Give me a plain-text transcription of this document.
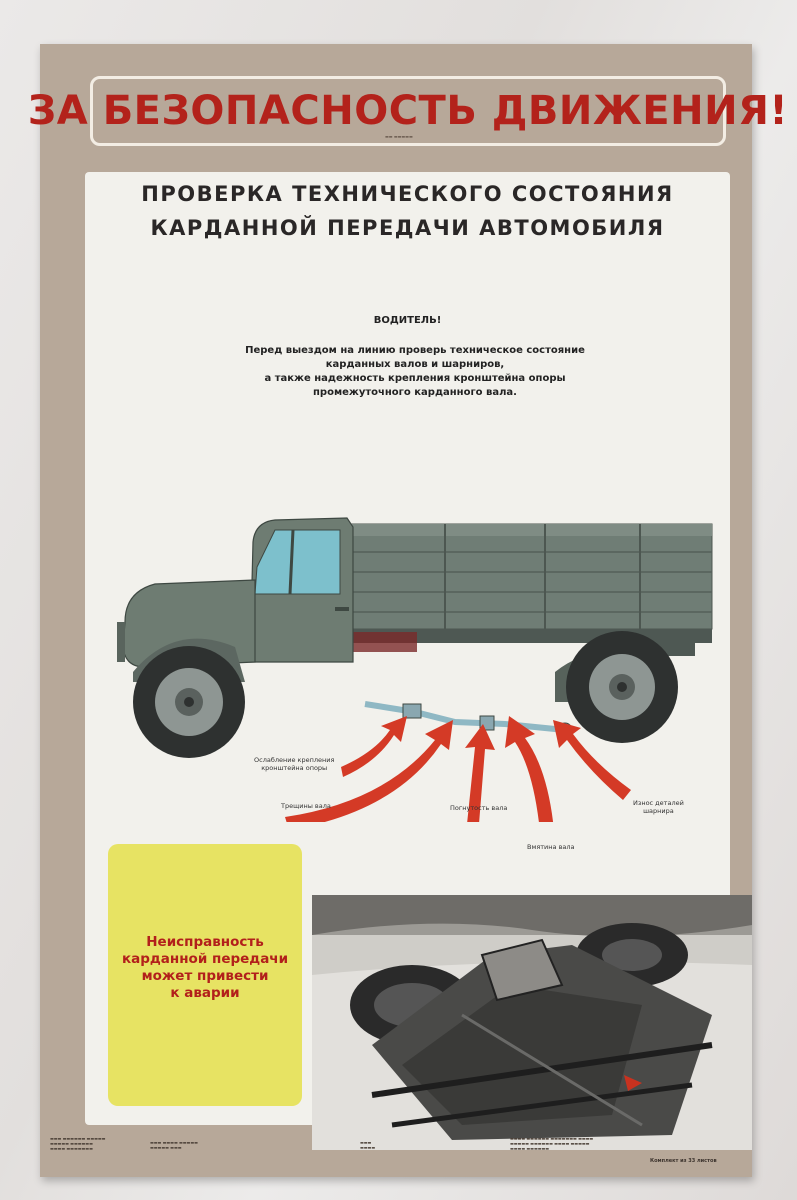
ЗА БЕЗОПАСНОСТЬ ДВИЖЕНИЯ!
▬▬ ▬▬▬▬▬
ПРОВЕРКА ТЕХНИЧЕСКОГО СОСТОЯНИЯ
КАРДАННОЙ ПЕРЕДАЧИ АВТОМОБИЛЯ
ВОДИТЕЛЬ!
Перед выездом на линию проверь техническое состояние
карданных валов и шарниров,
а также надежность крепления кронштейна опоры
промежуточного карданного вала.
Ослабление крепления
кронштейна опоры
Трещины вала	Погнутость вала
Вмятина вала
Износ деталей
шарнира
Неисправность
карданной передачи
может привести
к аварии
▬▬▬ ▬▬▬▬▬▬ ▬▬▬▬▬
▬▬▬▬▬ ▬▬▬▬▬▬
▬▬▬▬ ▬▬▬▬▬▬▬
▬▬▬ ▬▬▬▬ ▬▬▬▬▬
▬▬▬▬▬ ▬▬▬
▬▬▬
▬▬▬▬
▬▬▬▬ ▬▬▬▬▬▬ ▬▬▬▬▬▬▬ ▬▬▬▬
▬▬▬▬▬ ▬▬▬▬▬▬ ▬▬▬▬ ▬▬▬▬▬
▬▬▬▬ ▬▬▬▬▬▬
Комплект из 33 листов
